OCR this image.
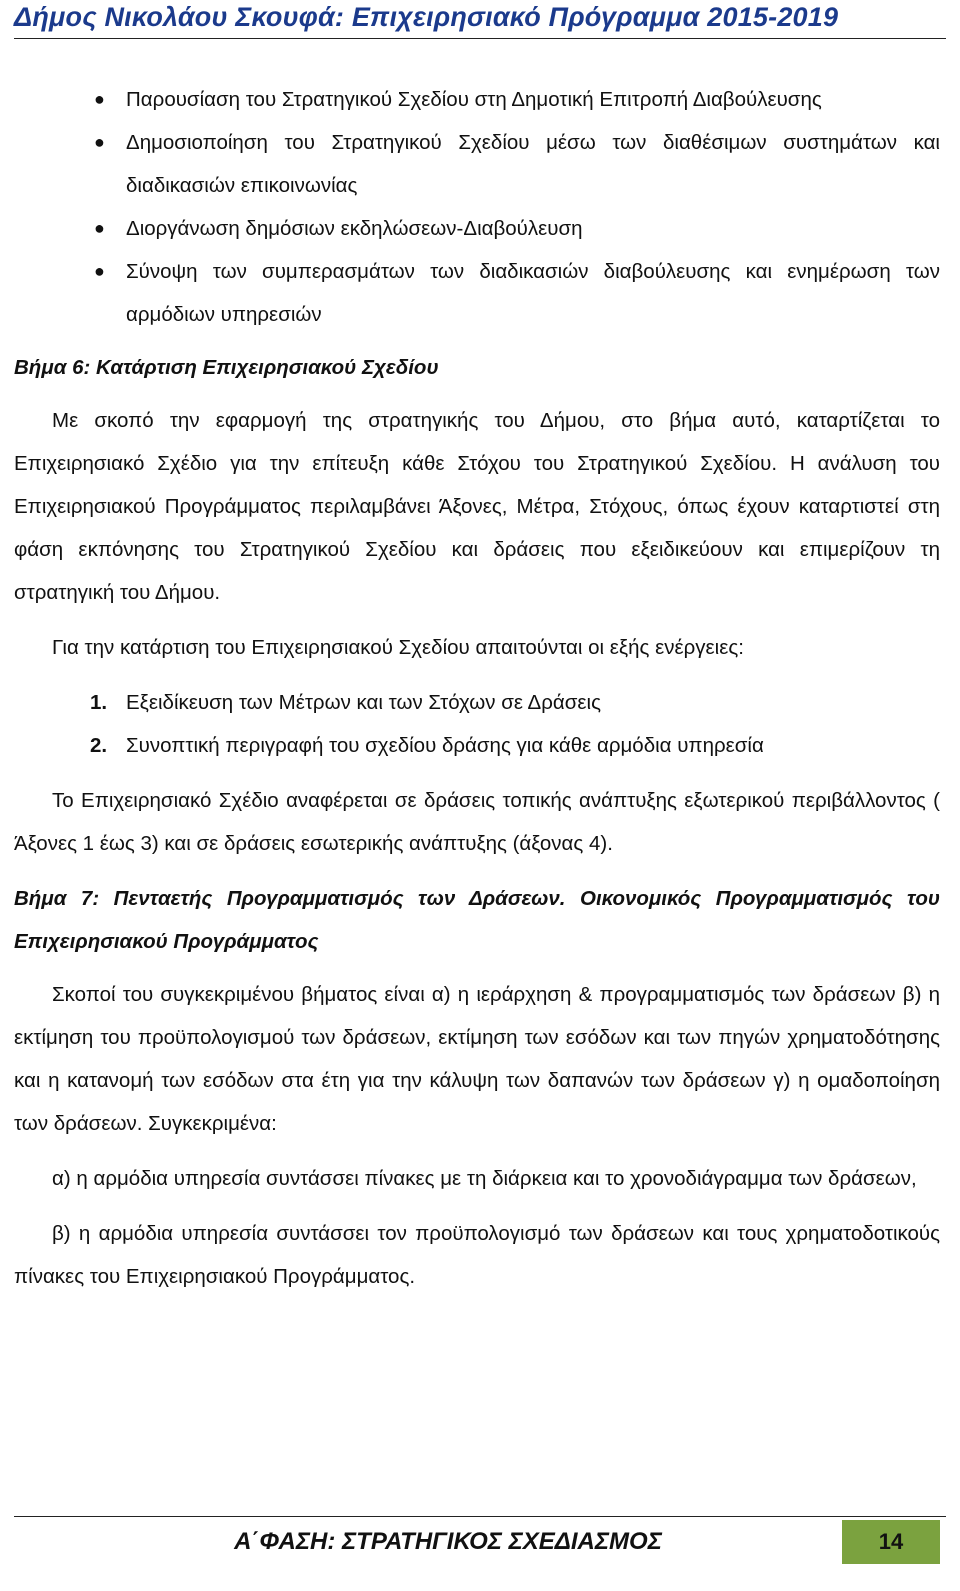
Δήμος Νικολάου Σκουφά: Επιχειρησιακό Πρόγραμμα 2015-2019
● Παρουσίαση του Στρατηγικού Σχεδίου στη Δημοτική Επιτροπή Διαβούλευσης
● Δημοσιοποίηση του Στρατηγικού Σχεδίου μέσω των διαθέσιμων συστημάτων και διαδικασιών επικοινωνίας
● Διοργάνωση δημόσιων εκδηλώσεων-Διαβούλευση
● Σύνοψη των συμπερασμάτων των διαδικασιών διαβούλευσης και ενημέρωση των αρμόδιων υπηρεσιών
Βήμα 6: Κατάρτιση Επιχειρησιακού Σχεδίου

Με σκοπό την εφαρμογή της στρατηγικής του Δήμου, στο βήμα αυτό, καταρτίζεται το Επιχειρησιακό Σχέδιο για την επίτευξη κάθε Στόχου του Στρατηγικού Σχεδίου. Η ανάλυση του Επιχειρησιακού Προγράμματος περιλαμβάνει Άξονες, Μέτρα, Στόχους, όπως έχουν καταρτιστεί στη φάση εκπόνησης του Στρατηγικού Σχεδίου και δράσεις που εξειδικεύουν και επιμερίζουν τη στρατηγική του Δήμου.

Για την κατάρτιση του Επιχειρησιακού Σχεδίου απαιτούνται οι εξής ενέργειες:

1. Εξειδίκευση των Μέτρων και των Στόχων σε Δράσεις
2. Συνοπτική περιγραφή του σχεδίου δράσης για κάθε αρμόδια υπηρεσία

Το Επιχειρησιακό Σχέδιο αναφέρεται σε δράσεις τοπικής ανάπτυξης εξωτερικού περιβάλλοντος ( Άξονες 1 έως 3) και σε δράσεις εσωτερικής ανάπτυξης (άξονας 4).

Βήμα 7: Πενταετής Προγραμματισμός των Δράσεων. Οικονομικός Προγραμματισμός του Επιχειρησιακού Προγράμματος

Σκοποί του συγκεκριμένου βήματος είναι α) η ιεράρχηση & προγραμματισμός των δράσεων β) η εκτίμηση του προϋπολογισμού των δράσεων, εκτίμηση των εσόδων και των πηγών χρηματοδότησης και η κατανομή των εσόδων στα έτη για την κάλυψη των δαπανών των δράσεων γ) η ομαδοποίηση των δράσεων. Συγκεκριμένα:

α) η αρμόδια υπηρεσία συντάσσει πίνακες με τη διάρκεια και το χρονοδιάγραμμα των δράσεων,

β) η αρμόδια υπηρεσία συντάσσει τον προϋπολογισμό των δράσεων και τους χρηματοδοτικούς πίνακες του Επιχειρησιακού Προγράμματος.

Α΄ΦΑΣΗ: ΣΤΡΑΤΗΓΙΚΟΣ ΣΧΕΔΙΑΣΜΟΣ	14
